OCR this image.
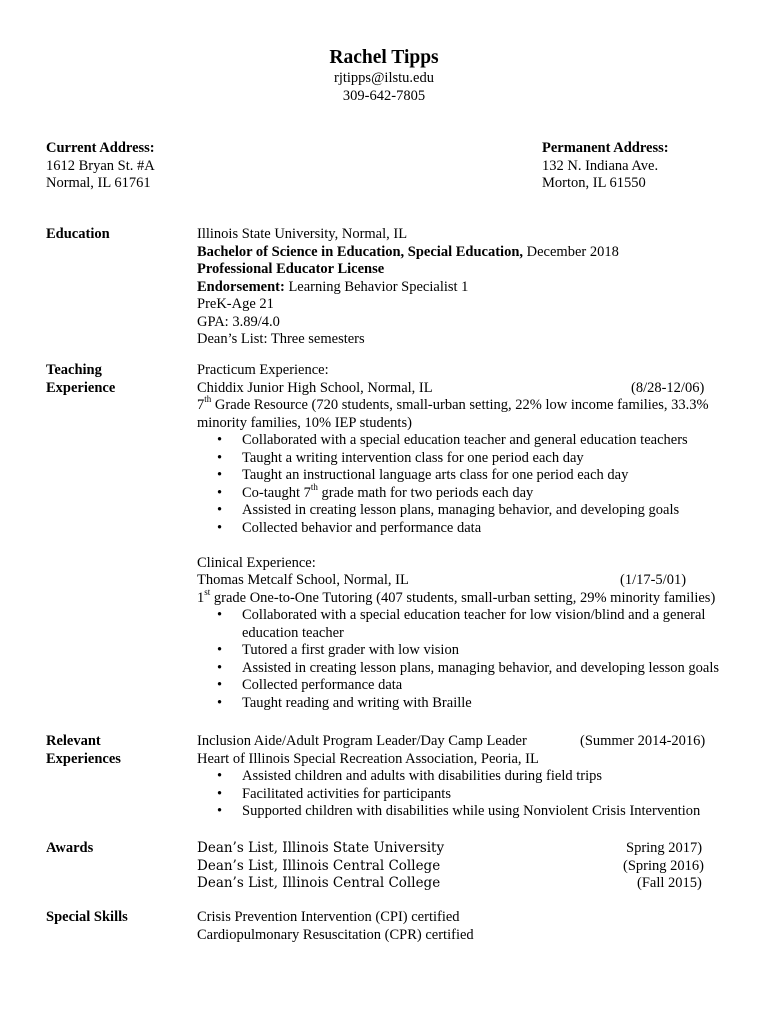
Rachel Tipps
rjtipps@ilstu.edu
309-642-7805
Current Address:
1612 Bryan St. #A
Normal, IL 61761
Permanent Address:
132 N. Indiana Ave.
Morton, IL 61550
Education	Illinois State University, Normal, IL
Bachelor of Science in Education, Special Education, December 2018
Professional Educator License
Endorsement: Learning Behavior Specialist 1
PreK-Age 21
GPA: 3.89/4.0
Dean’s List: Three semesters
Teaching
Experience
Practicum Experience:
Chiddix Junior High School, Normal, IL	(8/28-12/06)
7th Grade Resource (720 students, small-urban setting, 22% low income families, 33.3%
minority families, 10% IEP students)
• Collaborated with a special education teacher and general education teachers
• Taught a writing intervention class for one period each day
• Taught an instructional language arts class for one period each day
• Co-taught 7th grade math for two periods each day
• Assisted in creating lesson plans, managing behavior, and developing goals
• Collected behavior and performance data
Clinical Experience:
Thomas Metcalf School, Normal, IL	(1/17-5/01)
1st grade One-to-One Tutoring (407 students, small-urban setting, 29% minority families)
• Collaborated with a special education teacher for low vision/blind and a general
education teacher
• Tutored a first grader with low vision
• Assisted in creating lesson plans, managing behavior, and developing lesson goals
• Collected performance data
• Taught reading and writing with Braille
Relevant
Experiences
Inclusion Aide/Adult Program Leader/Day Camp Leader	(Summer 2014-2016)
Heart of Illinois Special Recreation Association, Peoria, IL
• Assisted children and adults with disabilities during field trips
• Facilitated activities for participants
• Supported children with disabilities while using Nonviolent Crisis Intervention
Awards	Dean’s List, Illinois State University	Spring 2017)
Dean’s List, Illinois Central College	(Spring 2016)
Dean’s List, Illinois Central College	(Fall 2015)
Special Skills	Crisis Prevention Intervention (CPI) certified
Cardiopulmonary Resuscitation (CPR) certified
